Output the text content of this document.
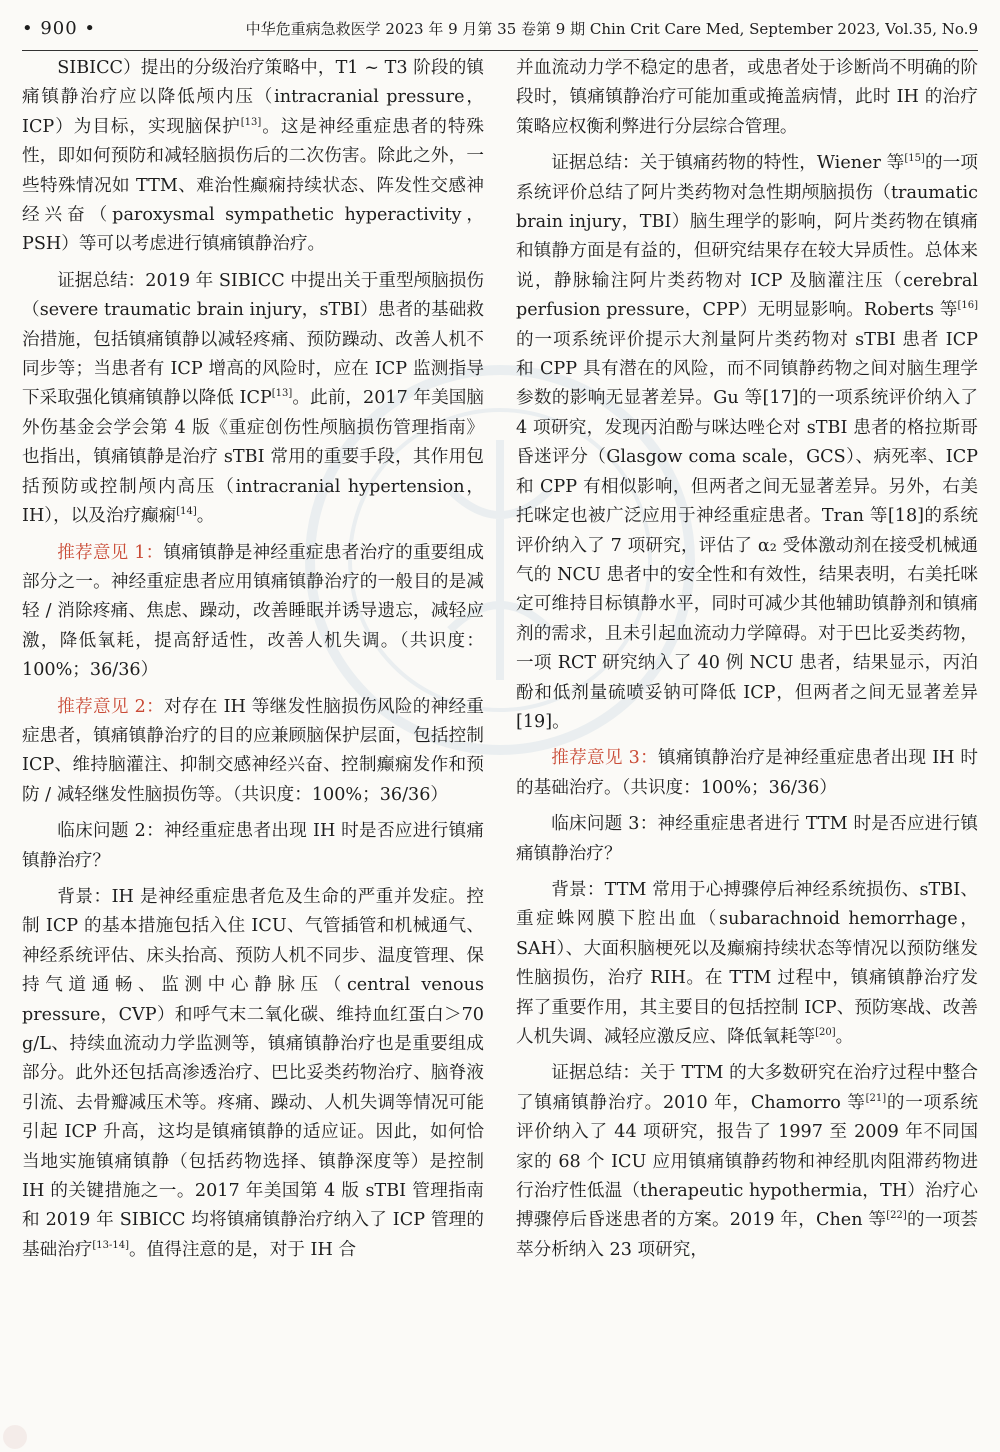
• 900 •	中华危重病急救医学 2023 年 9 月第 35 卷第 9 期 Chin Crit Care Med, September 2023, Vol.35, No.9

SIBICC）提出的分级治疗策略中，T1 ~ T3 阶段的镇痛镇静治疗应以降低颅内压（intracranial pressure，ICP）为目标，实现脑保护[13]。这是神经重症患者的特殊性，即如何预防和减轻脑损伤后的二次伤害。除此之外，一些特殊情况如 TTM、难治性癫痫持续状态、阵发性交感神经兴奋（paroxysmal sympathetic hyperactivity，PSH）等可以考虑进行镇痛镇静治疗。

证据总结：2019 年 SIBICC 中提出关于重型颅脑损伤（severe traumatic brain injury，sTBI）患者的基础救治措施，包括镇痛镇静以减轻疼痛、预防躁动、改善人机不同步等；当患者有 ICP 增高的风险时，应在 ICP 监测指导下采取强化镇痛镇静以降低 ICP[13]。此前，2017 年美国脑外伤基金会学会第 4 版《重症创伤性颅脑损伤管理指南》也指出，镇痛镇静是治疗 sTBI 常用的重要手段，其作用包括预防或控制颅内高压（intracranial hypertension，IH），以及治疗癫痫[14]。

推荐意见 1：镇痛镇静是神经重症患者治疗的重要组成部分之一。神经重症患者应用镇痛镇静治疗的一般目的是减轻 / 消除疼痛、焦虑、躁动，改善睡眠并诱导遗忘，减轻应激，降低氧耗，提高舒适性，改善人机失调。（共识度：100%；36/36）

推荐意见 2：对存在 IH 等继发性脑损伤风险的神经重症患者，镇痛镇静治疗的目的应兼顾脑保护层面，包括控制 ICP、维持脑灌注、抑制交感神经兴奋、控制癫痫发作和预防 / 减轻继发性脑损伤等。（共识度：100%；36/36）

临床问题 2：神经重症患者出现 IH 时是否应进行镇痛镇静治疗？

背景：IH 是神经重症患者危及生命的严重并发症。控制 ICP 的基本措施包括入住 ICU、气管插管和机械通气、神经系统评估、床头抬高、预防人机不同步、温度管理、保持气道通畅、监测中心静脉压（central venous pressure，CVP）和呼气末二氧化碳、维持血红蛋白＞70 g/L、持续血流动力学监测等，镇痛镇静治疗也是重要组成部分。此外还包括高渗透治疗、巴比妥类药物治疗、脑脊液引流、去骨瓣减压术等。疼痛、躁动、人机失调等情况可能引起 ICP 升高，这均是镇痛镇静的适应证。因此，如何恰当地实施镇痛镇静（包括药物选择、镇静深度等）是控制 IH 的关键措施之一。2017 年美国第 4 版 sTBI 管理指南和 2019 年 SIBICC 均将镇痛镇静治疗纳入了 ICP 管理的基础治疗[13-14]。值得注意的是，对于 IH 合

并血流动力学不稳定的患者，或患者处于诊断尚不明确的阶段时，镇痛镇静治疗可能加重或掩盖病情，此时 IH 的治疗策略应权衡利弊进行分层综合管理。

证据总结：关于镇痛药物的特性，Wiener 等[15]的一项系统评价总结了阿片类药物对急性期颅脑损伤（traumatic brain injury，TBI）脑生理学的影响，阿片类药物在镇痛和镇静方面是有益的，但研究结果存在较大异质性。总体来说，静脉输注阿片类药物对 ICP 及脑灌注压（cerebral perfusion pressure，CPP）无明显影响。Roberts 等[16]的一项系统评价提示大剂量阿片类药物对 sTBI 患者 ICP 和 CPP 具有潜在的风险，而不同镇静药物之间对脑生理学参数的影响无显著差异。Gu 等[17]的一项系统评价纳入了 4 项研究，发现丙泊酚与咪达唑仑对 sTBI 患者的格拉斯哥昏迷评分（Glasgow coma scale，GCS）、病死率、ICP 和 CPP 有相似影响，但两者之间无显著差异。另外，右美托咪定也被广泛应用于神经重症患者。Tran 等[18]的系统评价纳入了 7 项研究，评估了 α₂ 受体激动剂在接受机械通气的 NCU 患者中的安全性和有效性，结果表明，右美托咪定可维持目标镇静水平，同时可减少其他辅助镇静剂和镇痛剂的需求，且未引起血流动力学障碍。对于巴比妥类药物，一项 RCT 研究纳入了 40 例 NCU 患者，结果显示，丙泊酚和低剂量硫喷妥钠可降低 ICP，但两者之间无显著差异[19]。

推荐意见 3：镇痛镇静治疗是神经重症患者出现 IH 时的基础治疗。（共识度：100%；36/36）

临床问题 3：神经重症患者进行 TTM 时是否应进行镇痛镇静治疗？

背景：TTM 常用于心搏骤停后神经系统损伤、sTBI、重症蛛网膜下腔出血（subarachnoid hemorrhage，SAH）、大面积脑梗死以及癫痫持续状态等情况以预防继发性脑损伤，治疗 RIH。在 TTM 过程中，镇痛镇静治疗发挥了重要作用，其主要目的包括控制 ICP、预防寒战、改善人机失调、减轻应激反应、降低氧耗等[20]。

证据总结：关于 TTM 的大多数研究在治疗过程中整合了镇痛镇静治疗。2010 年，Chamorro 等[21]的一项系统评价纳入了 44 项研究，报告了 1997 至 2009 年不同国家的 68 个 ICU 应用镇痛镇静药物和神经肌肉阻滞药物进行治疗性低温（therapeutic hypothermia，TH）治疗心搏骤停后昏迷患者的方案。2019 年，Chen 等[22]的一项荟萃分析纳入 23 项研究，
